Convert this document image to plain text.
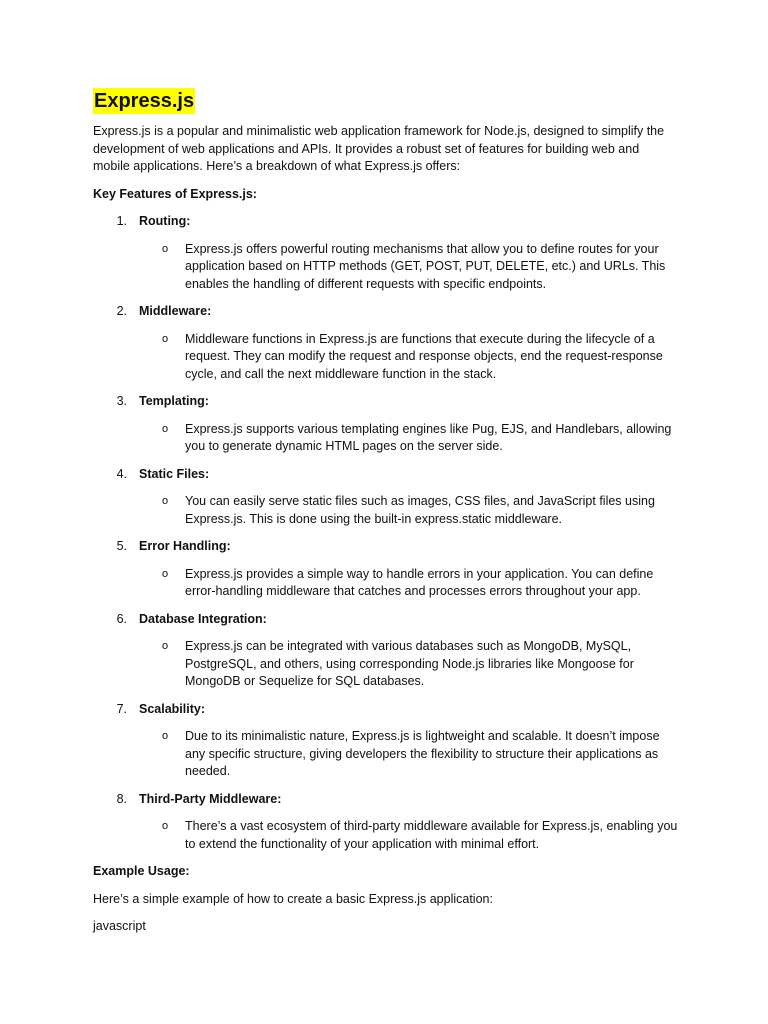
Express.js

Express.js is a popular and minimalistic web application framework for Node.js, designed to simplify the development of web applications and APIs. It provides a robust set of features for building web and mobile applications. Here’s a breakdown of what Express.js offers:

Key Features of Express.js:

1. Routing:
o	Express.js offers powerful routing mechanisms that allow you to define routes for your application based on HTTP methods (GET, POST, PUT, DELETE, etc.) and URLs. This enables the handling of different requests with specific endpoints.
2. Middleware:
o	Middleware functions in Express.js are functions that execute during the lifecycle of a request. They can modify the request and response objects, end the request-response cycle, and call the next middleware function in the stack.
3. Templating:
o	Express.js supports various templating engines like Pug, EJS, and Handlebars, allowing you to generate dynamic HTML pages on the server side.
4. Static Files:
o	You can easily serve static files such as images, CSS files, and JavaScript files using Express.js. This is done using the built-in express.static middleware.
5. Error Handling:
o	Express.js provides a simple way to handle errors in your application. You can define error-handling middleware that catches and processes errors throughout your app.
6. Database Integration:
o	Express.js can be integrated with various databases such as MongoDB, MySQL, PostgreSQL, and others, using corresponding Node.js libraries like Mongoose for MongoDB or Sequelize for SQL databases.
7. Scalability:
o	Due to its minimalistic nature, Express.js is lightweight and scalable. It doesn’t impose any specific structure, giving developers the flexibility to structure their applications as needed.
8. Third-Party Middleware:
o	There’s a vast ecosystem of third-party middleware available for Express.js, enabling you to extend the functionality of your application with minimal effort.

Example Usage:

Here’s a simple example of how to create a basic Express.js application:

javascript
